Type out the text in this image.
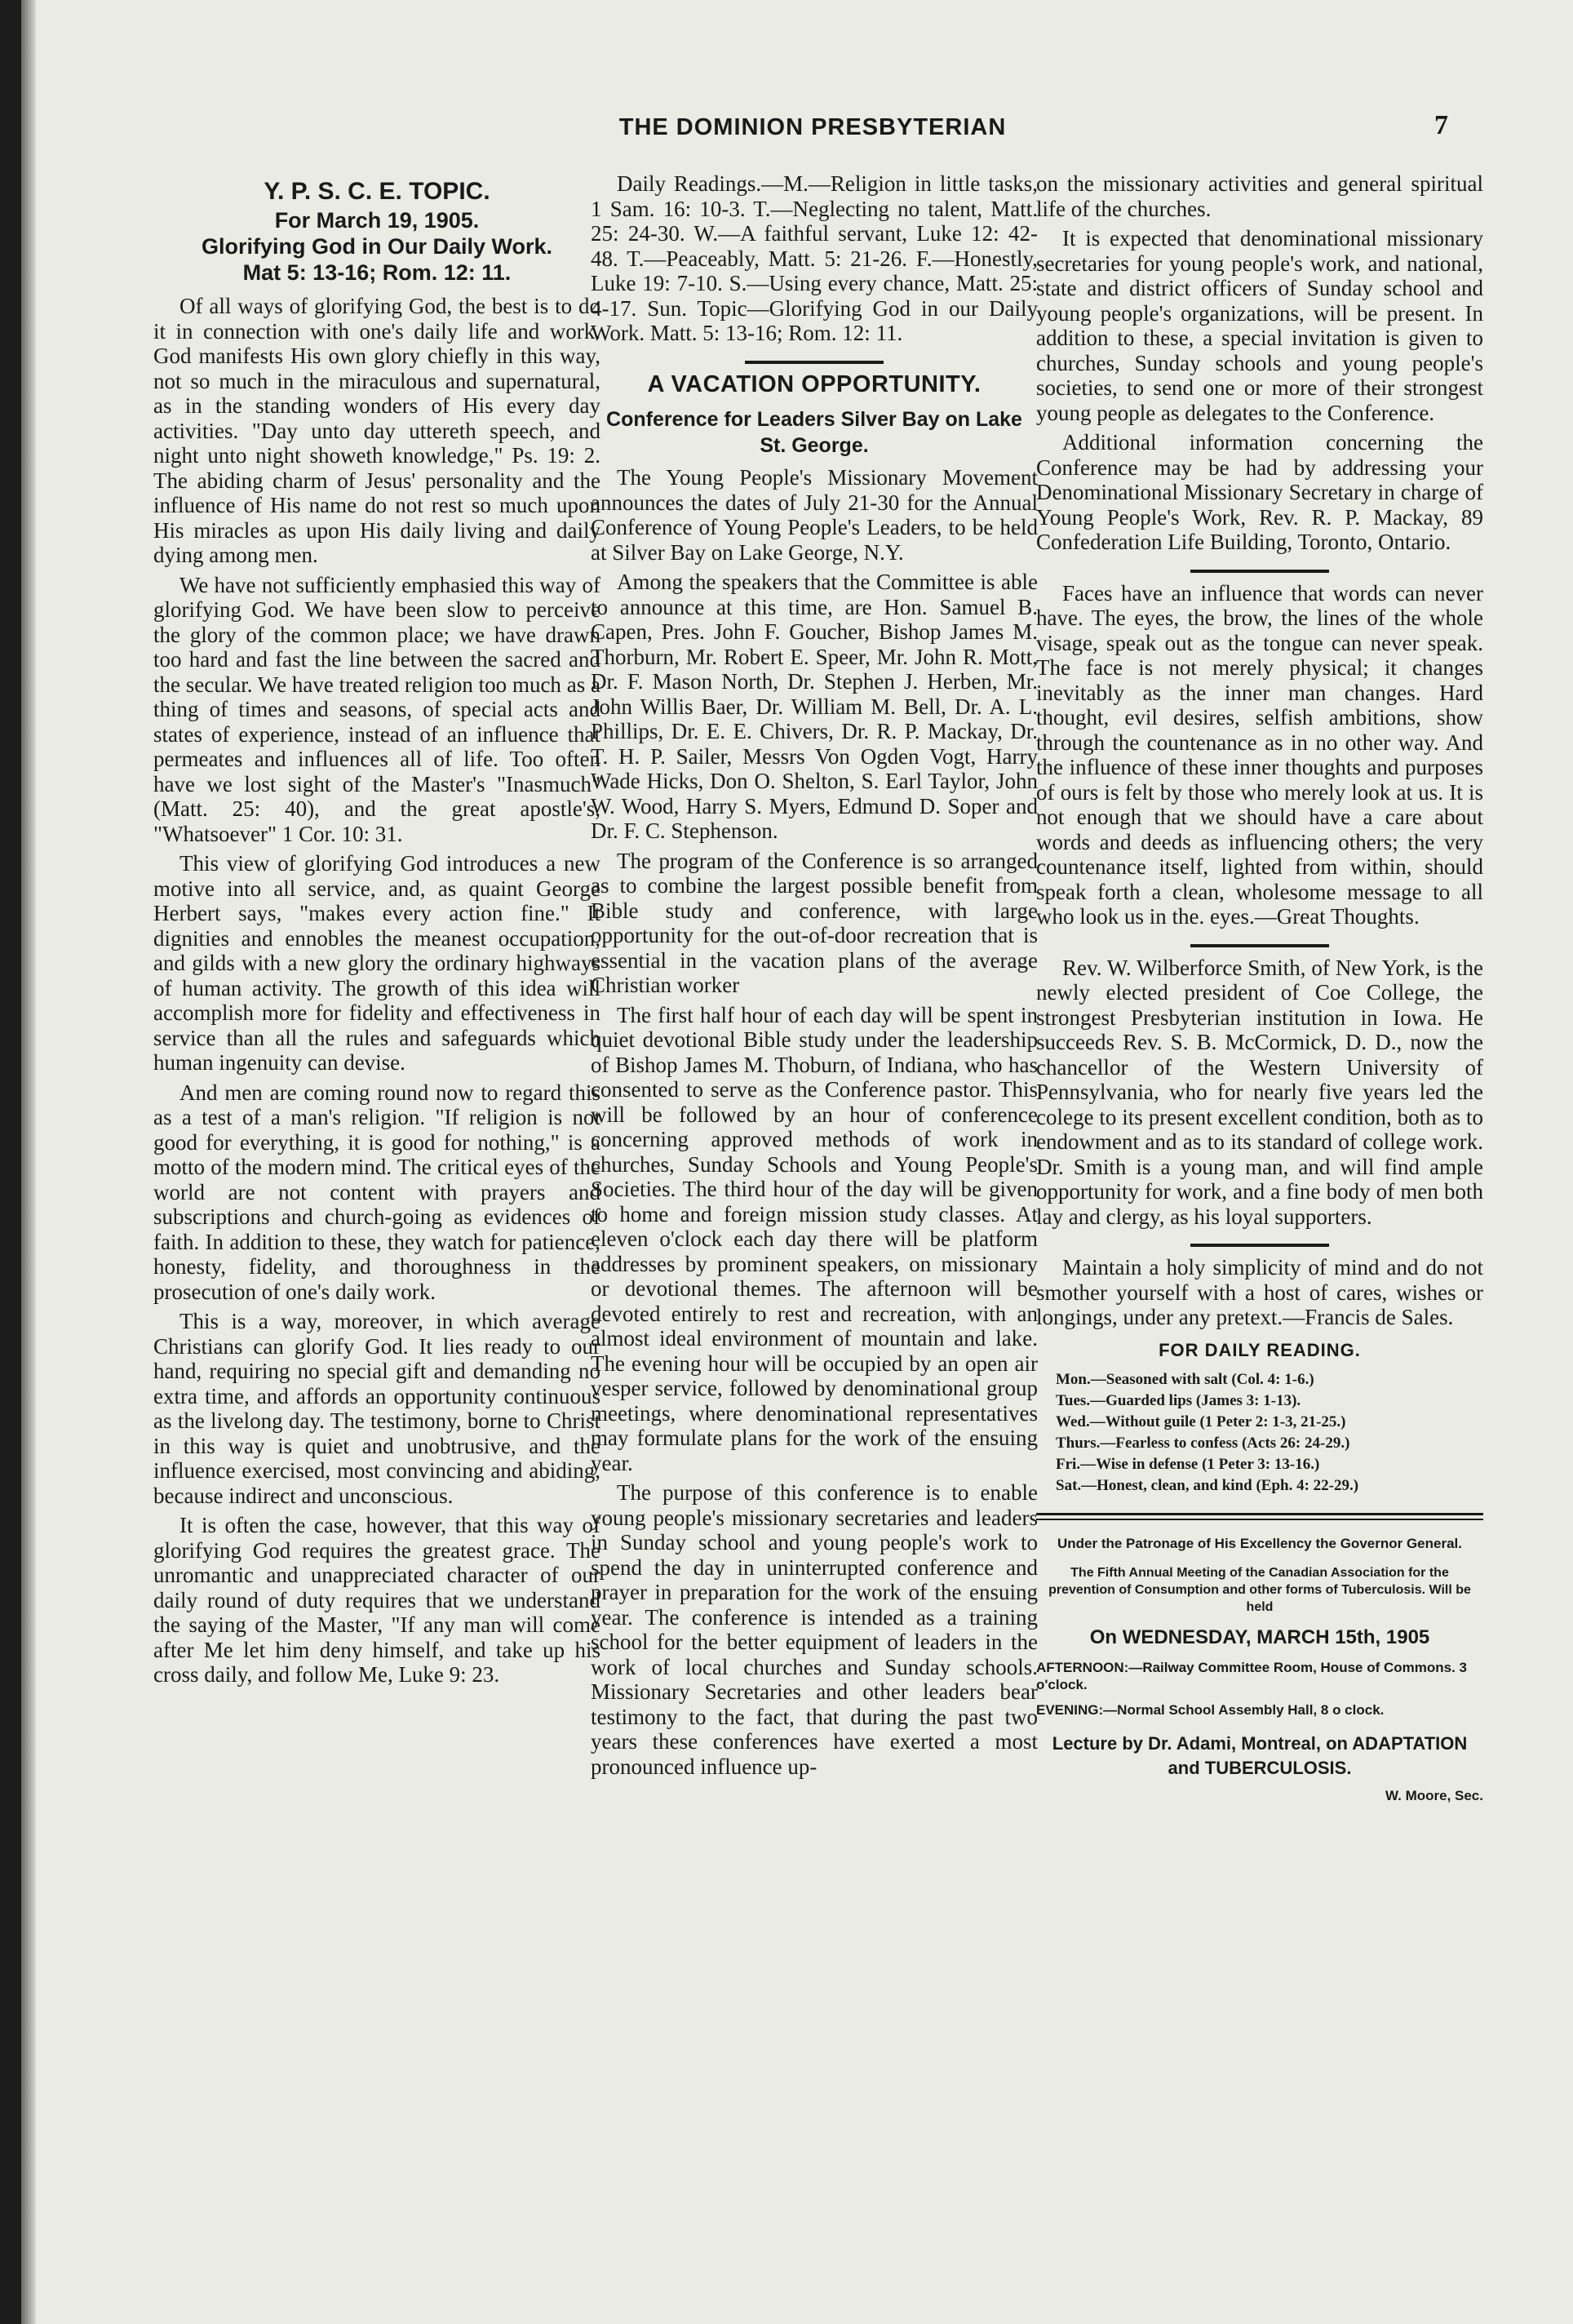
THE DOMINION PRESBYTERIAN	7
Y. P. S. C. E. TOPIC.
For March 19, 1905.
Glorifying God in Our Daily Work.
Mat 5: 13-16; Rom. 12: 11.

Of all ways of glorifying God, the best is to do it in connection with one's daily life and work. God manifests His own glory chiefly in this way, not so much in the miraculous and supernatural, as in the standing wonders of His every day activities. "Day unto day uttereth speech, and night unto night showeth knowledge," Ps. 19: 2. The abiding charm of Jesus' personality and the influence of His name do not rest so much upon His miracles as upon His daily living and daily dying among men.

We have not sufficiently emphasied this way of glorifying God. We have been slow to perceive the glory of the common place; we have drawn too hard and fast the line between the sacred and the secular. We have treated religion too much as a thing of times and seasons, of special acts and states of experience, instead of an influence that permeates and influences all of life. Too often have we lost sight of the Master's "Inasmuch" (Matt. 25: 40), and the great apostle's, "Whatsoever" 1 Cor. 10: 31.

This view of glorifying God introduces a new motive into all service, and, as quaint George Herbert says, "makes every action fine." It dignities and ennobles the meanest occupation, and gilds with a new glory the ordinary highways of human activity. The growth of this idea will accomplish more for fidelity and effectiveness in service than all the rules and safeguards which human ingenuity can devise.

And men are coming round now to regard this as a test of a man's religion. "If religion is not good for everything, it is good for nothing," is a motto of the modern mind. The critical eyes of the world are not content with prayers and subscriptions and church-going as evidences of faith. In addition to these, they watch for patience, honesty, fidelity, and thoroughness in the prosecution of one's daily work.

This is a way, moreover, in which average Christians can glorify God. It lies ready to our hand, requiring no special gift and demanding no extra time, and affords an opportunity continuous as the livelong day. The testimony, borne to Christ in this way is quiet and unobtrusive, and the influence exercised, most convincing and abiding, because indirect and unconscious.

It is often the case, however, that this way of glorifying God requires the greatest grace. The unromantic and unappreciated character of our daily round of duty requires that we understand the saying of the Master, "If any man will come after Me let him deny himself, and take up his cross daily, and follow Me, Luke 9: 23.

Daily Readings.—M.—Religion in little tasks, 1 Sam. 16: 10-3. T.—Neglecting no talent, Matt. 25: 24-30. W.—A faithful servant, Luke 12: 42-48. T.—Peaceably, Matt. 5: 21-26. F.—Honestly, Luke 19: 7-10. S.—Using every chance, Matt. 25: 4-17. Sun. Topic—Glorifying God in our Daily Work. Matt. 5: 13-16; Rom. 12: 11.

A VACATION OPPORTUNITY.
Conference for Leaders Silver Bay on Lake St. George.

The Young People's Missionary Movement announces the dates of July 21-30 for the Annual Conference of Young People's Leaders, to be held at Silver Bay on Lake George, N.Y.

Among the speakers that the Committee is able to announce at this time, are Hon. Samuel B. Capen, Pres. John F. Goucher, Bishop James M. Thorburn, Mr. Robert E. Speer, Mr. John R. Mott, Dr. F. Mason North, Dr. Stephen J. Herben, Mr. John Willis Baer, Dr. William M. Bell, Dr. A. L. Phillips, Dr. E. E. Chivers, Dr. R. P. Mackay, Dr. T. H. P. Sailer, Messrs Von Ogden Vogt, Harry Wade Hicks, Don O. Shelton, S. Earl Taylor, John W. Wood, Harry S. Myers, Edmund D. Soper and Dr. F. C. Stephenson.

The program of the Conference is so arranged as to combine the largest possible benefit from Bible study and conference, with large opportunity for the out-of-door recreation that is essential in the vacation plans of the average Christian worker

The first half hour of each day will be spent in quiet devotional Bible study under the leadership of Bishop James M. Thoburn, of Indiana, who has consented to serve as the Conference pastor. This will be followed by an hour of conference concerning approved methods of work in churches, Sunday Schools and Young People's Societies. The third hour of the day will be given to home and foreign mission study classes. At eleven o'clock each day there will be platform addresses by prominent speakers, on missionary or devotional themes. The afternoon will be devoted entirely to rest and recreation, with an almost ideal environment of mountain and lake. The evening hour will be occupied by an open air vesper service, followed by denominational group meetings, where denominational representatives may formulate plans for the work of the ensuing year.

The purpose of this conference is to enable young people's missionary secretaries and leaders in Sunday school and young people's work to spend the day in uninterrupted conference and prayer in preparation for the work of the ensuing year. The conference is intended as a training school for the better equipment of leaders in the work of local churches and Sunday schools. Missionary Secretaries and other leaders bear testimony to the fact, that during the past two years these conferences have exerted a most pronounced influence up-

on the missionary activities and general spiritual life of the churches.

It is expected that denominational missionary secretaries for young people's work, and national, state and district officers of Sunday school and young people's organizations, will be present. In addition to these, a special invitation is given to churches, Sunday schools and young people's societies, to send one or more of their strongest young people as delegates to the Conference.

Additional information concerning the Conference may be had by addressing your Denominational Missionary Secretary in charge of Young People's Work, Rev. R. P. Mackay, 89 Confederation Life Building, Toronto, Ontario.

Faces have an influence that words can never have. The eyes, the brow, the lines of the whole visage, speak out as the tongue can never speak. The face is not merely physical; it changes inevitably as the inner man changes. Hard thought, evil desires, selfish ambitions, show through the countenance as in no other way. And the influence of these inner thoughts and purposes of ours is felt by those who merely look at us. It is not enough that we should have a care about words and deeds as influencing others; the very countenance itself, lighted from within, should speak forth a clean, wholesome message to all who look us in the. eyes.—Great Thoughts.

Rev. W. Wilberforce Smith, of New York, is the newly elected president of Coe College, the strongest Presbyterian institution in Iowa. He succeeds Rev. S. B. McCormick, D. D., now the chancellor of the Western University of Pennsylvania, who for nearly five years led the colege to its present excellent condition, both as to endowment and as to its standard of college work. Dr. Smith is a young man, and will find ample opportunity for work, and a fine body of men both lay and clergy, as his loyal supporters.

Maintain a holy simplicity of mind and do not smother yourself with a host of cares, wishes or longings, under any pretext.—Francis de Sales.

FOR DAILY READING.
Mon.—Seasoned with salt (Col. 4: 1-6.)
Tues.—Guarded lips (James 3: 1-13).
Wed.—Without guile (1 Peter 2: 1-3, 21-25.)
Thurs.—Fearless to confess (Acts 26: 24-29.)
Fri.—Wise in defense (1 Peter 3: 13-16.)
Sat.—Honest, clean, and kind (Eph. 4: 22-29.)
Under the Patronage of His Excellency the Governor General.
The Fifth Annual Meeting of the Canadian Association for the prevention of Consumption and other forms of Tuberculosis. Will be held
On WEDNESDAY, MARCH 15th, 1905
AFTERNOON:—Railway Committee Room, House of Commons. 3 o'clock.
EVENING:—Normal School Assembly Hall, 8 o clock.
Lecture by Dr. Adami, Montreal, on ADAPTATION and TUBERCULOSIS.
W. Moore, Sec.
